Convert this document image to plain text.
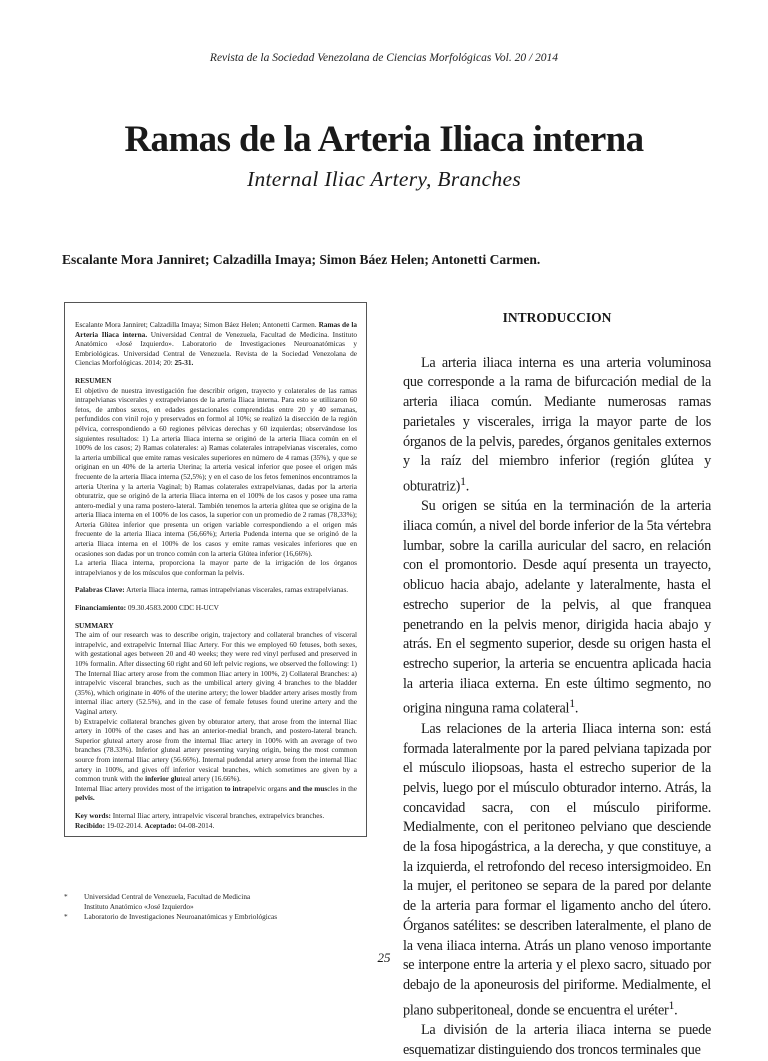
Revista de la Sociedad Venezolana de Ciencias Morfológicas Vol. 20 / 2014
Ramas de la Arteria Iliaca interna
Internal Iliac Artery, Branches
Escalante Mora Janniret; Calzadilla Imaya; Simon Báez Helen; Antonetti Carmen.

Escalante Mora Janniret; Calzadilla Imaya; Simon Báez Helen; Antonetti Carmen. Ramas de la Arteria Iliaca interna. Universidad Central de Venezuela, Facultad de Medicina. Instituto Anatómico «José Izquierdo». Laboratorio de Investigaciones Neuroanatómicas y Embriológicas. Universidad Central de Venezuela. Revista de la Sociedad Venezolana de Ciencias Morfológicas. 2014; 20: 25-31.

RESUMEN

El objetivo de nuestra investigación fue describir origen, trayecto y colaterales de las ramas intrapelvianas viscerales y extrapelvianos de la arteria Iliaca interna. Para esto se utilizaron 60 fetos, de ambos sexos, en edades gestacionales comprendidas entre 20 y 40 semanas, perfundidos con vinil rojo y preservados en formol al 10%; se realizó la disección de la región pélvica, correspondiendo a 60 regiones pélvicas derechas y 60 izquierdas; observándose los siguientes resultados: 1) La arteria Iliaca interna se originó de la arteria Iliaca común en el 100% de los casos; 2) Ramas colaterales: a) Ramas colaterales intrapelvianas viscerales, como la arteria umbilical que emite ramas vesicales superiores en número de 4 ramas (35%), y que se originan en un 40% de la arteria Uterina; la arteria vesical inferior que posee el origen más frecuente de la arteria Iliaca interna (52,5%); y en el caso de los fetos femeninos encontramos la arteria Uterina y la arteria Vaginal; b) Ramas colaterales extrapelvianas, dadas por la arteria obturatriz, que se originó de la arteria Iliaca interna en el 100% de los casos y posee una rama antero-medial y una rama postero-lateral. También tenemos la arteria glútea que se origina de la arteria Iliaca interna en el 100% de los casos, la superior con un promedio de 2 ramas (78,33%); Arteria Glútea inferior que presenta un origen variable correspondiendo a el origen más frecuente de la arteria Iliaca interna (56,66%); Arteria Pudenda interna que se originó de la arteria Iliaca interna en el 100% de los casos y emite ramas vesicales inferiores que en ocasiones son dadas por un tronco común con la arteria Glútea inferior (16,66%).

La arteria Iliaca interna, proporciona la mayor parte de la irrigación de los órganos intrapelvianos y de los músculos que conforman la pelvis.

Palabras Clave: Arteria Iliaca interna, ramas intrapelvianas viscerales, ramas extrapelvianas.

Financiamiento: 09.30.4583.2000 CDC H-UCV

SUMMARY

The aim of our research was to describe origin, trajectory and collateral branches of visceral intrapelvic, and extrapelvic Internal Iliac Artery. For this we employed 60 fetuses, both sexes, with gestational ages between 20 and 40 weeks; they were red vinyl perfused and preserved in 10% formalin. After dissecting 60 right and 60 left pelvic regions, we observed the following: 1) The Internal Iliac artery arose from the common Iliac artery in 100%, 2) Collateral Branches: a) intrapelvic visceral branches, such as the umbilical artery giving 4 branches to the bladder (35%), which originate in 40% of the uterine artery; the lower bladder artery arises mostly from internal iliac artery (52.5%), and in the case of female fetuses found uterine artery and the Vaginal artery.

b) Extrapelvic collateral branches given by obturator artery, that arose from the internal Iliac artery in 100% of the cases and has an anterior-medial branch, and postero-lateral branch. Superior gluteal artery arose from the internal Iliac artery in 100% with an average of two branches (78.33%). Inferior gluteal artery presenting varying origin, being the most common source from internal Iliac artery (56.66%). Internal pudendal artery arose from the internal Iliac artery in 100%, and gives off inferior vesical branches, which sometimes are given by a common trunk with the inferior gluteal artery (16.66%).

Internal Iliac artery provides most of the irrigation to intrapelvic organs and the muscles in the pelvis.

Key words: Internal Iliac artery, intrapelvic visceral branches, extrapelvics branches.

Recibido: 19-02-2014. Aceptado: 04-08-2014.

*	Universidad Central de Venezuela, Facultad de Medicina
Instituto Anatómico «José Izquierdo»
*	Laboratorio de Investigaciones Neuroanatómicas y Embriológicas
INTRODUCCION

La arteria iliaca interna es una arteria voluminosa que corresponde a la rama de bifurcación medial de la arteria iliaca común. Mediante numerosas ramas parietales y viscerales, irriga la mayor parte de los órganos de la pelvis, paredes, órganos genitales externos y la raíz del miembro inferior (región glútea y obturatriz)$^1$.

Su origen se sitúa en la terminación de la arteria iliaca común, a nivel del borde inferior de la 5ta vértebra lumbar, sobre la carilla auricular del sacro, en relación con el promontorio. Desde aquí presenta un trayecto, oblicuo hacia abajo, adelante y lateralmente, hasta el estrecho superior de la pelvis, al que franquea penetrando en la pelvis menor, dirigida hacia abajo y atrás. En el segmento superior, desde su origen hasta el estrecho superior, la arteria se encuentra aplicada hacia la arteria iliaca externa. En este último segmento, no origina ninguna rama colateral$^1$.

Las relaciones de la arteria Iliaca interna son: está formada lateralmente por la pared pelviana tapizada por el músculo iliopsoas, hasta el estrecho superior de la pelvis, luego por el músculo obturador interno. Atrás, la concavidad sacra, con el músculo piriforme. Medialmente, con el peritoneo pelviano que desciende de la fosa hipogástrica, a la derecha, y que constituye, a la izquierda, el retrofondo del receso intersigmoideo. En la mujer, el peritoneo se separa de la pared por delante de la arteria para formar el ligamento ancho del útero. Órganos satélites: se describen lateralmente, el plano de la vena iliaca interna. Atrás un plano venoso importante se interpone entre la arteria y el plexo sacro, situado por debajo de la aponeurosis del piriforme. Medialmente, el plano subperitoneal, donde se encuentra el uréter$^1$.

La división de la arteria iliaca interna se puede esquematizar distinguiendo dos troncos terminales que

25
